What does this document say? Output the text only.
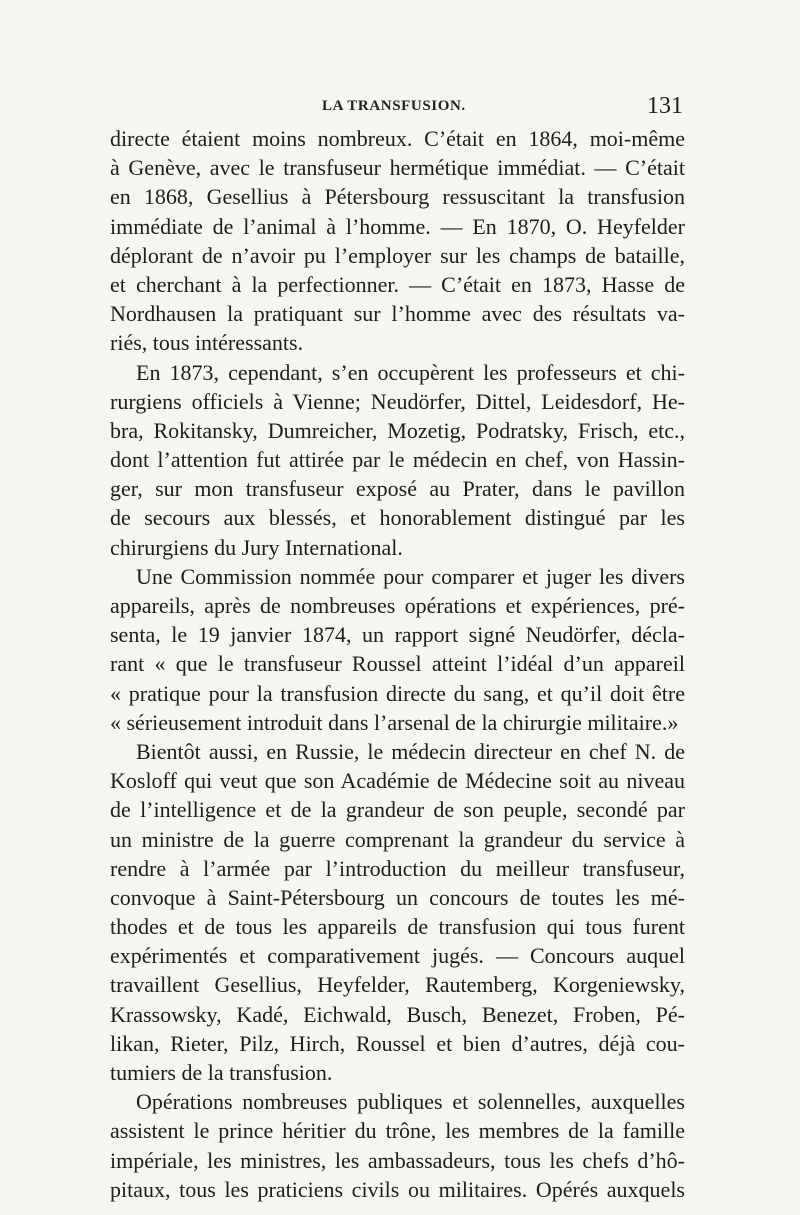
LA TRANSFUSION.	131
directe étaient moins nombreux. C’était en 1864, moi-même
à Genève, avec le transfuseur hermétique immédiat. — C’était
en 1868, Gesellius à Pétersbourg ressuscitant la transfusion
immédiate de l’animal à l’homme. — En 1870, O. Heyfelder
déplorant de n’avoir pu l’employer sur les champs de bataille,
et cherchant à la perfectionner. — C’était en 1873, Hasse de
Nordhausen la pratiquant sur l’homme avec des résultats va-
riés, tous intéressants.
En 1873, cependant, s’en occupèrent les professeurs et chi-
rurgiens officiels à Vienne; Neudörfer, Dittel, Leidesdorf, He-
bra, Rokitansky, Dumreicher, Mozetig, Podratsky, Frisch, etc.,
dont l’attention fut attirée par le médecin en chef, von Hassin-
ger, sur mon transfuseur exposé au Prater, dans le pavillon
de secours aux blessés, et honorablement distingué par les
chirurgiens du Jury International.
Une Commission nommée pour comparer et juger les divers
appareils, après de nombreuses opérations et expériences, pré-
senta, le 19 janvier 1874, un rapport signé Neudörfer, décla-
rant « que le transfuseur Roussel atteint l’idéal d’un appareil
« pratique pour la transfusion directe du sang, et qu’il doit être
« sérieusement introduit dans l’arsenal de la chirurgie militaire.»
Bientôt aussi, en Russie, le médecin directeur en chef N. de
Kosloff qui veut que son Académie de Médecine soit au niveau
de l’intelligence et de la grandeur de son peuple, secondé par
un ministre de la guerre comprenant la grandeur du service à
rendre à l’armée par l’introduction du meilleur transfuseur,
convoque à Saint-Pétersbourg un concours de toutes les mé-
thodes et de tous les appareils de transfusion qui tous furent
expérimentés et comparativement jugés. — Concours auquel
travaillent Gesellius, Heyfelder, Rautemberg, Korgeniewsky,
Krassowsky, Kadé, Eichwald, Busch, Benezet, Froben, Pé-
likan, Rieter, Pilz, Hirch, Roussel et bien d’autres, déjà cou-
tumiers de la transfusion.
Opérations nombreuses publiques et solennelles, auxquelles
assistent le prince héritier du trône, les membres de la famille
impériale, les ministres, les ambassadeurs, tous les chefs d’hô-
pitaux, tous les praticiens civils ou militaires. Opérés auxquels
